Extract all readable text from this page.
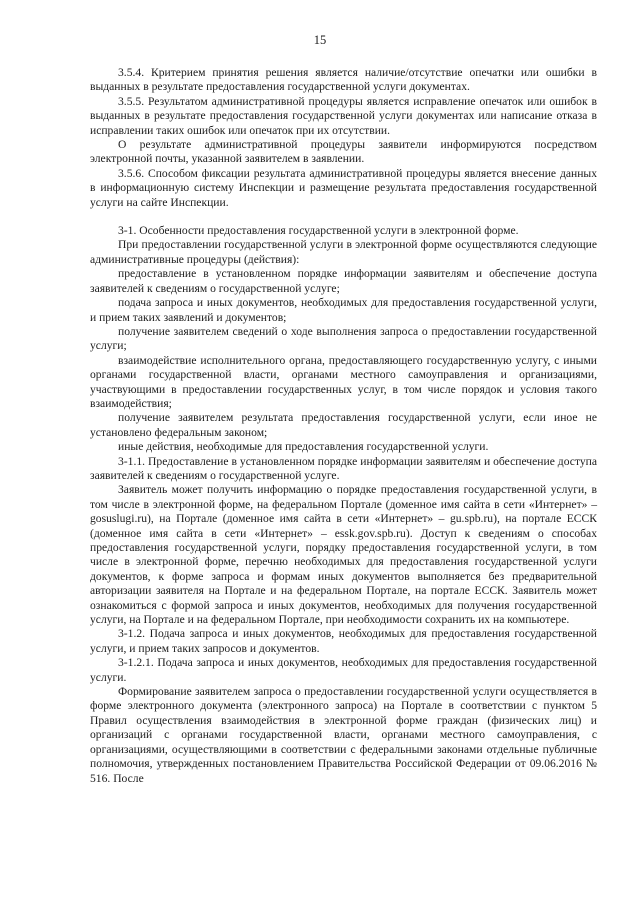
15

3.5.4. Критерием принятия решения является наличие/отсутствие опечатки или ошибки в выданных в результате предоставления государственной услуги документах.

3.5.5. Результатом административной процедуры является исправление опечаток или ошибок в выданных в результате предоставления государственной услуги документах или написание отказа в исправлении таких ошибок или опечаток при их отсутствии.

О результате административной процедуры заявители информируются посредством электронной почты, указанной заявителем в заявлении.

3.5.6. Способом фиксации результата административной процедуры является внесение данных в информационную систему Инспекции и размещение результата предоставления государственной услуги на сайте Инспекции.

3-1. Особенности предоставления государственной услуги в электронной форме.

При предоставлении государственной услуги в электронной форме осуществляются следующие административные процедуры (действия):

предоставление в установленном порядке информации заявителям и обеспечение доступа заявителей к сведениям о государственной услуге;

подача запроса и иных документов, необходимых для предоставления государственной услуги, и прием таких заявлений и документов;

получение заявителем сведений о ходе выполнения запроса о предоставлении государственной услуги;

взаимодействие исполнительного органа, предоставляющего государственную услугу, с иными органами государственной власти, органами местного самоуправления и организациями, участвующими в предоставлении государственных услуг, в том числе порядок и условия такого взаимодействия;

получение заявителем результата предоставления государственной услуги, если иное не установлено федеральным законом;

иные действия, необходимые для предоставления государственной услуги.

3-1.1. Предоставление в установленном порядке информации заявителям и обеспечение доступа заявителей к сведениям о государственной услуге.

Заявитель может получить информацию о порядке предоставления государственной услуги, в том числе в электронной форме, на федеральном Портале (доменное имя сайта в сети «Интернет» – gosuslugi.ru), на Портале (доменное имя сайта в сети «Интернет» – gu.spb.ru), на портале ЕССК (доменное имя сайта в сети «Интернет» – essk.gov.spb.ru). Доступ к сведениям о способах предоставления государственной услуги, порядку предоставления государственной услуги, в том числе в электронной форме, перечню необходимых для предоставления государственной услуги документов, к форме запроса и формам иных документов выполняется без предварительной авторизации заявителя на Портале и на федеральном Портале, на портале ЕССК. Заявитель может ознакомиться с формой запроса и иных документов, необходимых для получения государственной услуги, на Портале и на федеральном Портале, при необходимости сохранить их на компьютере.

3-1.2. Подача запроса и иных документов, необходимых для предоставления государственной услуги, и прием таких запросов и документов.

3-1.2.1. Подача запроса и иных документов, необходимых для предоставления государственной услуги.

Формирование заявителем запроса о предоставлении государственной услуги осуществляется в форме электронного документа (электронного запроса) на Портале в соответствии с пунктом 5 Правил осуществления взаимодействия в электронной форме граждан (физических лиц) и организаций с органами государственной власти, органами местного самоуправления, с организациями, осуществляющими в соответствии с федеральными законами отдельные публичные полномочия, утвержденных постановлением Правительства Российской Федерации от 09.06.2016 № 516. После
